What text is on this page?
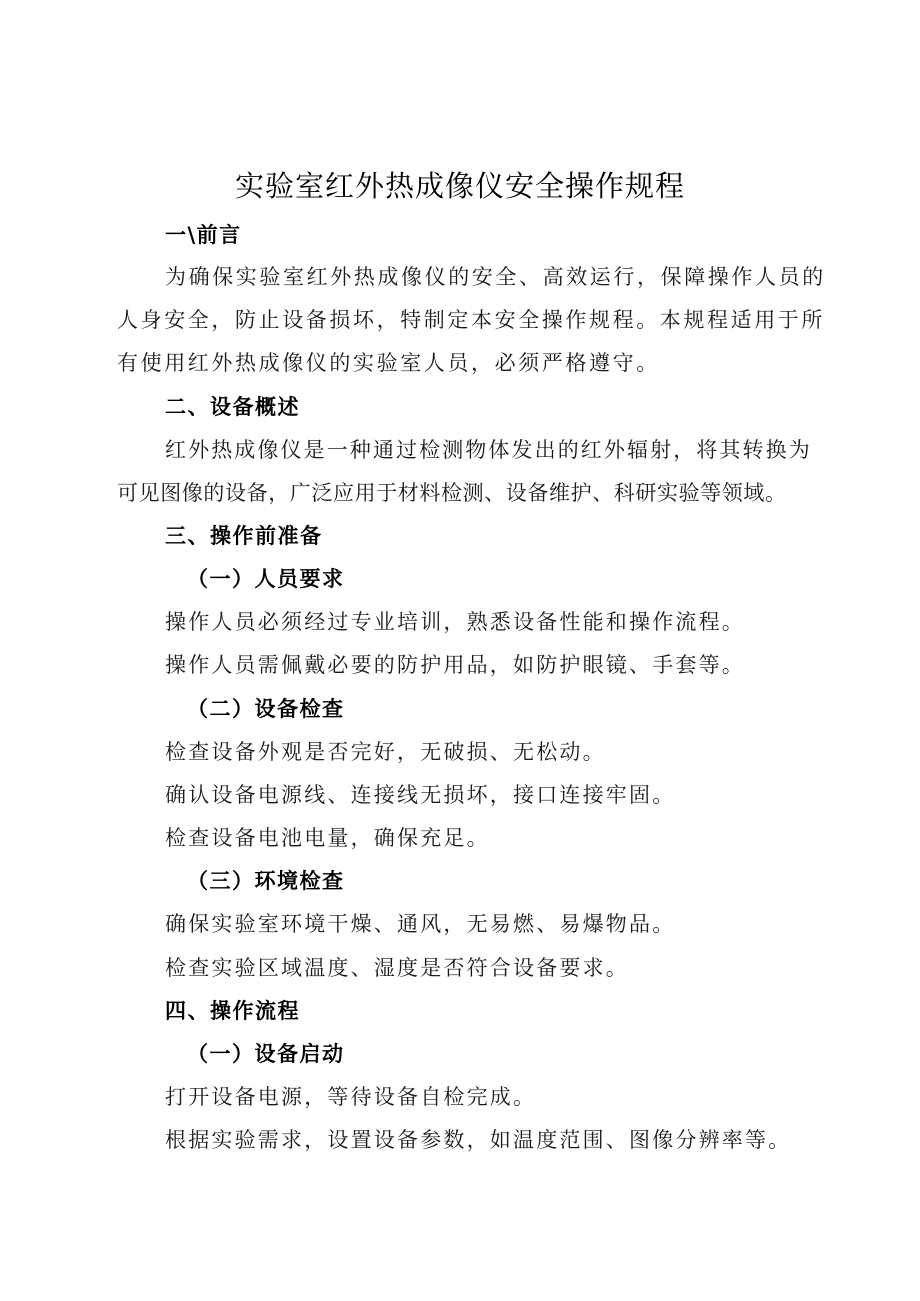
实验室红外热成像仪安全操作规程
一\前言
为确保实验室红外热成像仪的安全、高效运行，保障操作人员的
人身安全，防止设备损坏，特制定本安全操作规程。本规程适用于所
有使用红外热成像仪的实验室人员，必须严格遵守。
二、设备概述
红外热成像仪是一种通过检测物体发出的红外辐射，将其转换为
可见图像的设备，广泛应用于材料检测、设备维护、科研实验等领域。
三、操作前准备
（一）人员要求
操作人员必须经过专业培训，熟悉设备性能和操作流程。
操作人员需佩戴必要的防护用品，如防护眼镜、手套等。
（二）设备检查
检查设备外观是否完好，无破损、无松动。
确认设备电源线、连接线无损坏，接口连接牢固。
检查设备电池电量，确保充足。
（三）环境检查
确保实验室环境干燥、通风，无易燃、易爆物品。
检查实验区域温度、湿度是否符合设备要求。
四、操作流程
（一）设备启动
打开设备电源，等待设备自检完成。
根据实验需求，设置设备参数，如温度范围、图像分辨率等。
